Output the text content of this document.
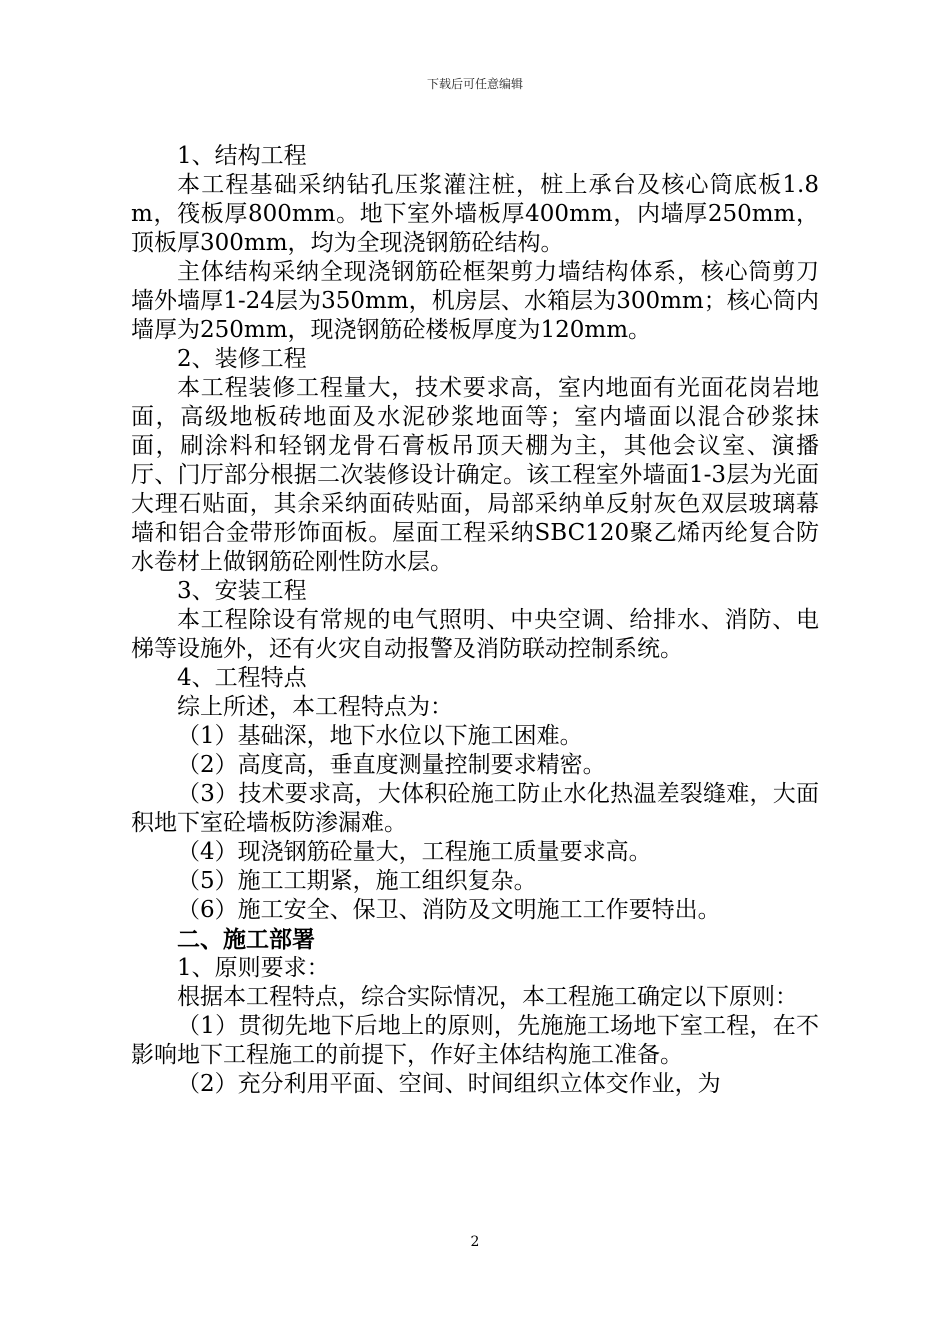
下载后可任意编辑

1、结构工程

本工程基础采纳钻孔压浆灌注桩，桩上承台及核心筒底板1.8m，筏板厚800mm。地下室外墙板厚400mm，内墙厚250mm，顶板厚300mm，均为全现浇钢筋砼结构。

主体结构采纳全现浇钢筋砼框架剪力墙结构体系，核心筒剪刀墙外墙厚1-24层为350mm，机房层、水箱层为300mm；核心筒内墙厚为250mm，现浇钢筋砼楼板厚度为120mm。

2、装修工程

本工程装修工程量大，技术要求高，室内地面有光面花岗岩地面，高级地板砖地面及水泥砂浆地面等；室内墙面以混合砂浆抹面，刷涂料和轻钢龙骨石膏板吊顶天棚为主，其他会议室、演播厅、门厅部分根据二次装修设计确定。该工程室外墙面1-3层为光面大理石贴面，其余采纳面砖贴面，局部采纳单反射灰色双层玻璃幕墙和铝合金带形饰面板。屋面工程采纳SBC120聚乙烯丙纶复合防水卷材上做钢筋砼刚性防水层。

3、安装工程

本工程除设有常规的电气照明、中央空调、给排水、消防、电梯等设施外，还有火灾自动报警及消防联动控制系统。

4、工程特点

综上所述，本工程特点为：

（1）基础深，地下水位以下施工困难。

（2）高度高，垂直度测量控制要求精密。

（3）技术要求高，大体积砼施工防止水化热温差裂缝难，大面积地下室砼墙板防渗漏难。

（4）现浇钢筋砼量大，工程施工质量要求高。

（5）施工工期紧，施工组织复杂。

（6）施工安全、保卫、消防及文明施工工作要特出。

二、施工部署

1、原则要求：

根据本工程特点，综合实际情况，本工程施工确定以下原则：

（1）贯彻先地下后地上的原则，先施施工场地下室工程，在不影响地下工程施工的前提下，作好主体结构施工准备。

（2）充分利用平面、空间、时间组织立体交作业，为

2
